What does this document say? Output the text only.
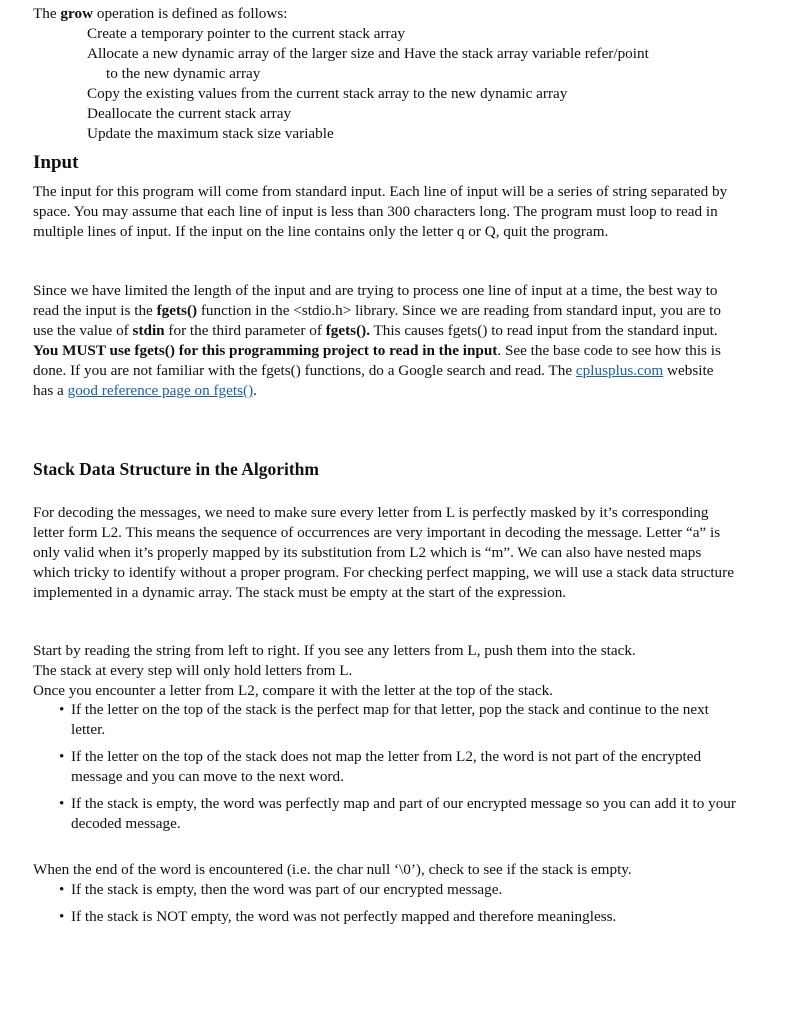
The grow operation is defined as follows:

Create a temporary pointer to the current stack array
Allocate a new dynamic array of the larger size and Have the stack array variable refer/point
to the new dynamic array
Copy the existing values from the current stack array to the new dynamic array
Deallocate the current stack array
Update the maximum stack size variable
Input

The input for this program will come from standard input. Each line of input will be a series of string separated by space. You may assume that each line of input is less than 300 characters long. The program must loop to read in multiple lines of input. If the input on the line contains only the letter q or Q, quit the program.

Since we have limited the length of the input and are trying to process one line of input at a time, the best way to read the input is the fgets() function in the <stdio.h> library. Since we are reading from standard input, you are to use the value of stdin for the third parameter of fgets(). This causes fgets() to read input from the standard input. You MUST use fgets() for this programming project to read in the input. See the base code to see how this is done. If you are not familiar with the fgets() functions, do a Google search and read. The cplusplus.com website has a good reference page on fgets().

Stack Data Structure in the Algorithm

For decoding the messages, we need to make sure every letter from L is perfectly masked by it’s corresponding letter form L2. This means the sequence of occurrences are very important in decoding the message. Letter “a” is only valid when it’s properly mapped by its substitution from L2 which is “m”. We can also have nested maps which tricky to identify without a proper program. For checking perfect mapping, we will use a stack data structure implemented in a dynamic array. The stack must be empty at the start of the expression.

Start by reading the string from left to right. If you see any letters from L, push them into the stack.

The stack at every step will only hold letters from L.

Once you encounter a letter from L2, compare it with the letter at the top of the stack.

• If the letter on the top of the stack is the perfect map for that letter, pop the stack and continue to the next letter.
• If the letter on the top of the stack does not map the letter from L2, the word is not part of the encrypted message and you can move to the next word.
• If the stack is empty, the word was perfectly map and part of our encrypted message so you can add it to your decoded message.

When the end of the word is encountered (i.e. the char null ‘\0’), check to see if the stack is empty.

• If the stack is empty, then the word was part of our encrypted message.
• If the stack is NOT empty, the word was not perfectly mapped and therefore meaningless.
